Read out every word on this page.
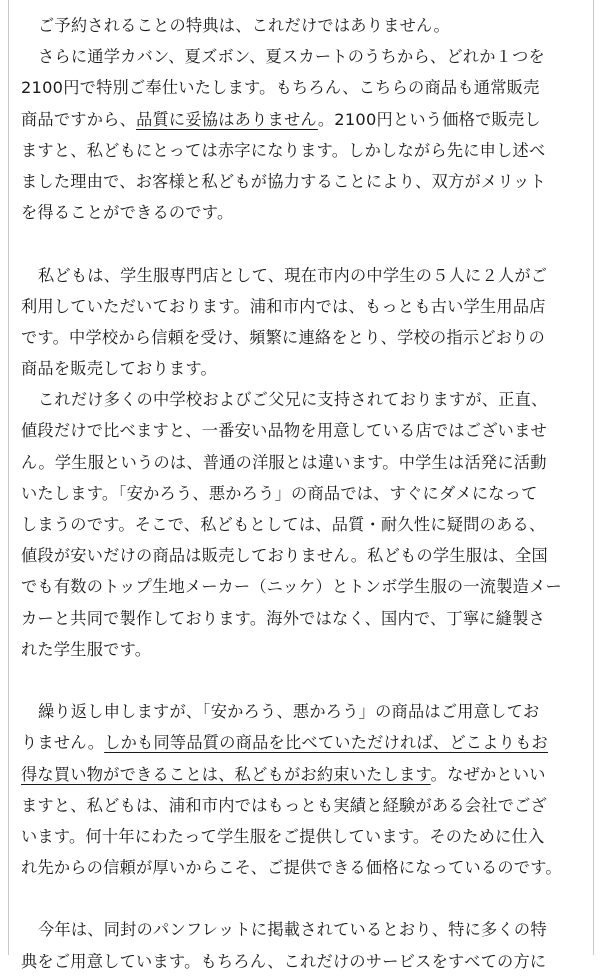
ご予約されることの特典は、これだけではありません。
さらに通学カバン、夏ズボン、夏スカートのうちから、どれか１つを
2100円で特別ご奉仕いたします。もちろん、こちらの商品も通常販売
商品ですから、品質に妥協はありません。2100円という価格で販売し
ますと、私どもにとっては赤字になります。しかしながら先に申し述べ
ました理由で、お客様と私どもが協力することにより、双方がメリット
を得ることができるのです。
私どもは、学生服専門店として、現在市内の中学生の５人に２人がご
利用していただいております。浦和市内では、もっとも古い学生用品店
です。中学校から信頼を受け、頻繁に連絡をとり、学校の指示どおりの
商品を販売しております。
これだけ多くの中学校およびご父兄に支持されておりますが、正直、
値段だけで比べますと、一番安い品物を用意している店ではございませ
ん。学生服というのは、普通の洋服とは違います。中学生は活発に活動
いたします。「安かろう、悪かろう」の商品では、すぐにダメになって
しまうのです。そこで、私どもとしては、品質・耐久性に疑問のある、
値段が安いだけの商品は販売しておりません。私どもの学生服は、全国
でも有数のトップ生地メーカー（ニッケ）とトンボ学生服の一流製造メー
カーと共同で製作しております。海外ではなく、国内で、丁寧に縫製さ
れた学生服です。
繰り返し申しますが、「安かろう、悪かろう」の商品はご用意してお
りません。しかも同等品質の商品を比べていただければ、どこよりもお
得な買い物ができることは、私どもがお約束いたします。なぜかといい
ますと、私どもは、浦和市内ではもっとも実績と経験がある会社でござ
います。何十年にわたって学生服をご提供しています。そのために仕入
れ先からの信頼が厚いからこそ、ご提供できる価格になっているのです。
今年は、同封のパンフレットに掲載されているとおり、特に多くの特
典をご用意しています。もちろん、これだけのサービスをすべての方に
